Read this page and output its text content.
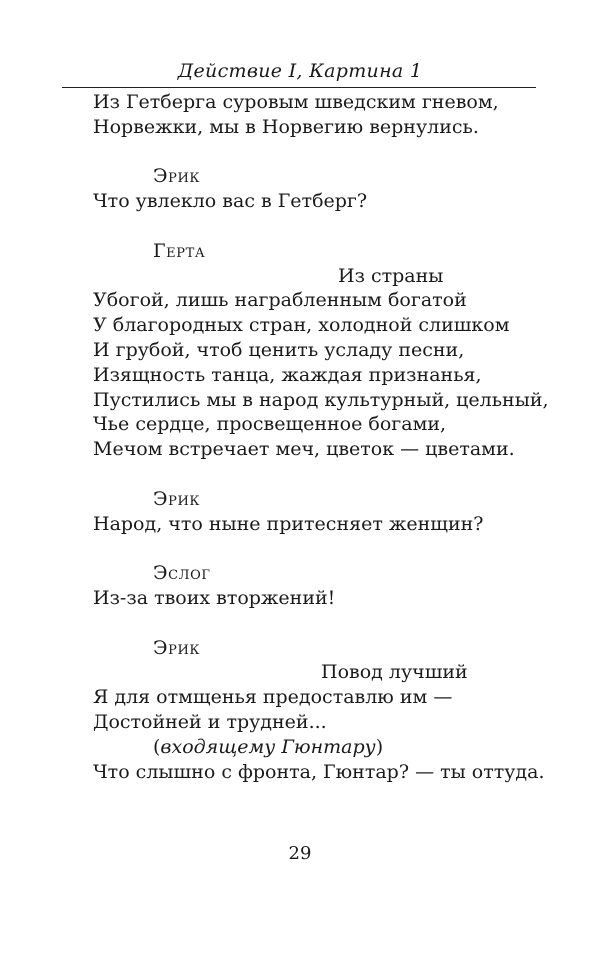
Действие I, Картина 1
Из Гетберга суровым шведским гневом,
Норвежки, мы в Норвегию вернулись.
Эрик
Что увлекло вас в Гетберг?
Герта
Из страны
Убогой, лишь награбленным богатой
У благородных стран, холодной слишком
И грубой, чтоб ценить усладу песни,
Изящность танца, жаждая признанья,
Пустились мы в народ культурный, цельный,
Чье сердце, просвещенное богами,
Мечом встречает меч, цветок — цветами.
Эрик
Народ, что ныне притесняет женщин?
Эслог
Из-за твоих вторжений!
Эрик
Повод лучший
Я для отмщенья предоставлю им —
Достойней и трудней...
(входящему Гюнтару)
Что слышно с фронта, Гюнтар? — ты оттуда.
29
